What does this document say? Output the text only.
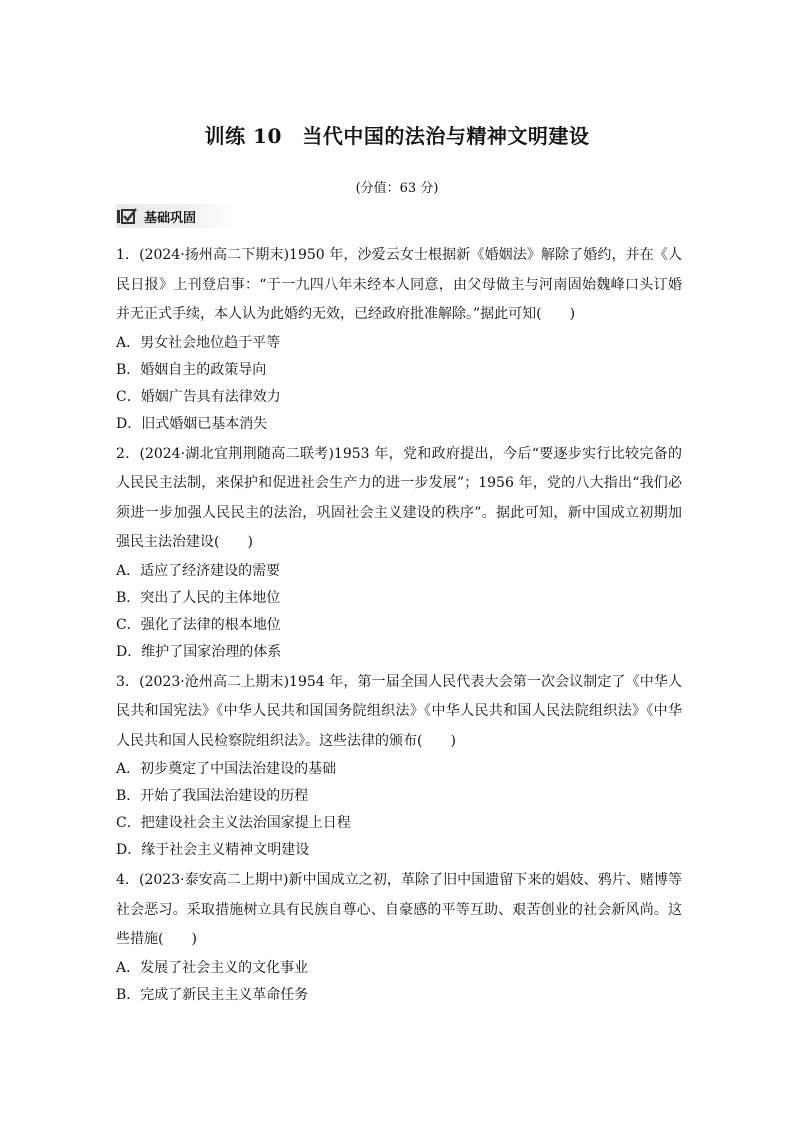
训练 10　当代中国的法治与精神文明建设
(分值：63 分)
基础巩固

1．(2024·扬州高二下期末)1950 年，沙爱云女士根据新《婚姻法》解除了婚约，并在《人民日报》上刊登启事：“于一九四八年未经本人同意，由父母做主与河南固始魏峰口头订婚并无正式手续，本人认为此婚约无效，已经政府批准解除。”据此可知(　　)

A．男女社会地位趋于平等

B．婚姻自主的政策导向

C．婚姻广告具有法律效力

D．旧式婚姻已基本消失

2．(2024·湖北宜荆荆随高二联考)1953 年，党和政府提出，今后“要逐步实行比较完备的人民民主法制，来保护和促进社会生产力的进一步发展”；1956 年，党的八大指出“我们必须进一步加强人民民主的法治，巩固社会主义建设的秩序”。据此可知，新中国成立初期加强民主法治建设(　　)

A．适应了经济建设的需要

B．突出了人民的主体地位

C．强化了法律的根本地位

D．维护了国家治理的体系

3．(2023·沧州高二上期末)1954 年，第一届全国人民代表大会第一次会议制定了《中华人民共和国宪法》《中华人民共和国国务院组织法》《中华人民共和国人民法院组织法》《中华人民共和国人民检察院组织法》。这些法律的颁布(　　)

A．初步奠定了中国法治建设的基础

B．开始了我国法治建设的历程

C．把建设社会主义法治国家提上日程

D．缘于社会主义精神文明建设

4．(2023·泰安高二上期中)新中国成立之初，革除了旧中国遗留下来的娼妓、鸦片、赌博等社会恶习。采取措施树立具有民族自尊心、自豪感的平等互助、艰苦创业的社会新风尚。这些措施(　　)

A．发展了社会主义的文化事业

B．完成了新民主主义革命任务
